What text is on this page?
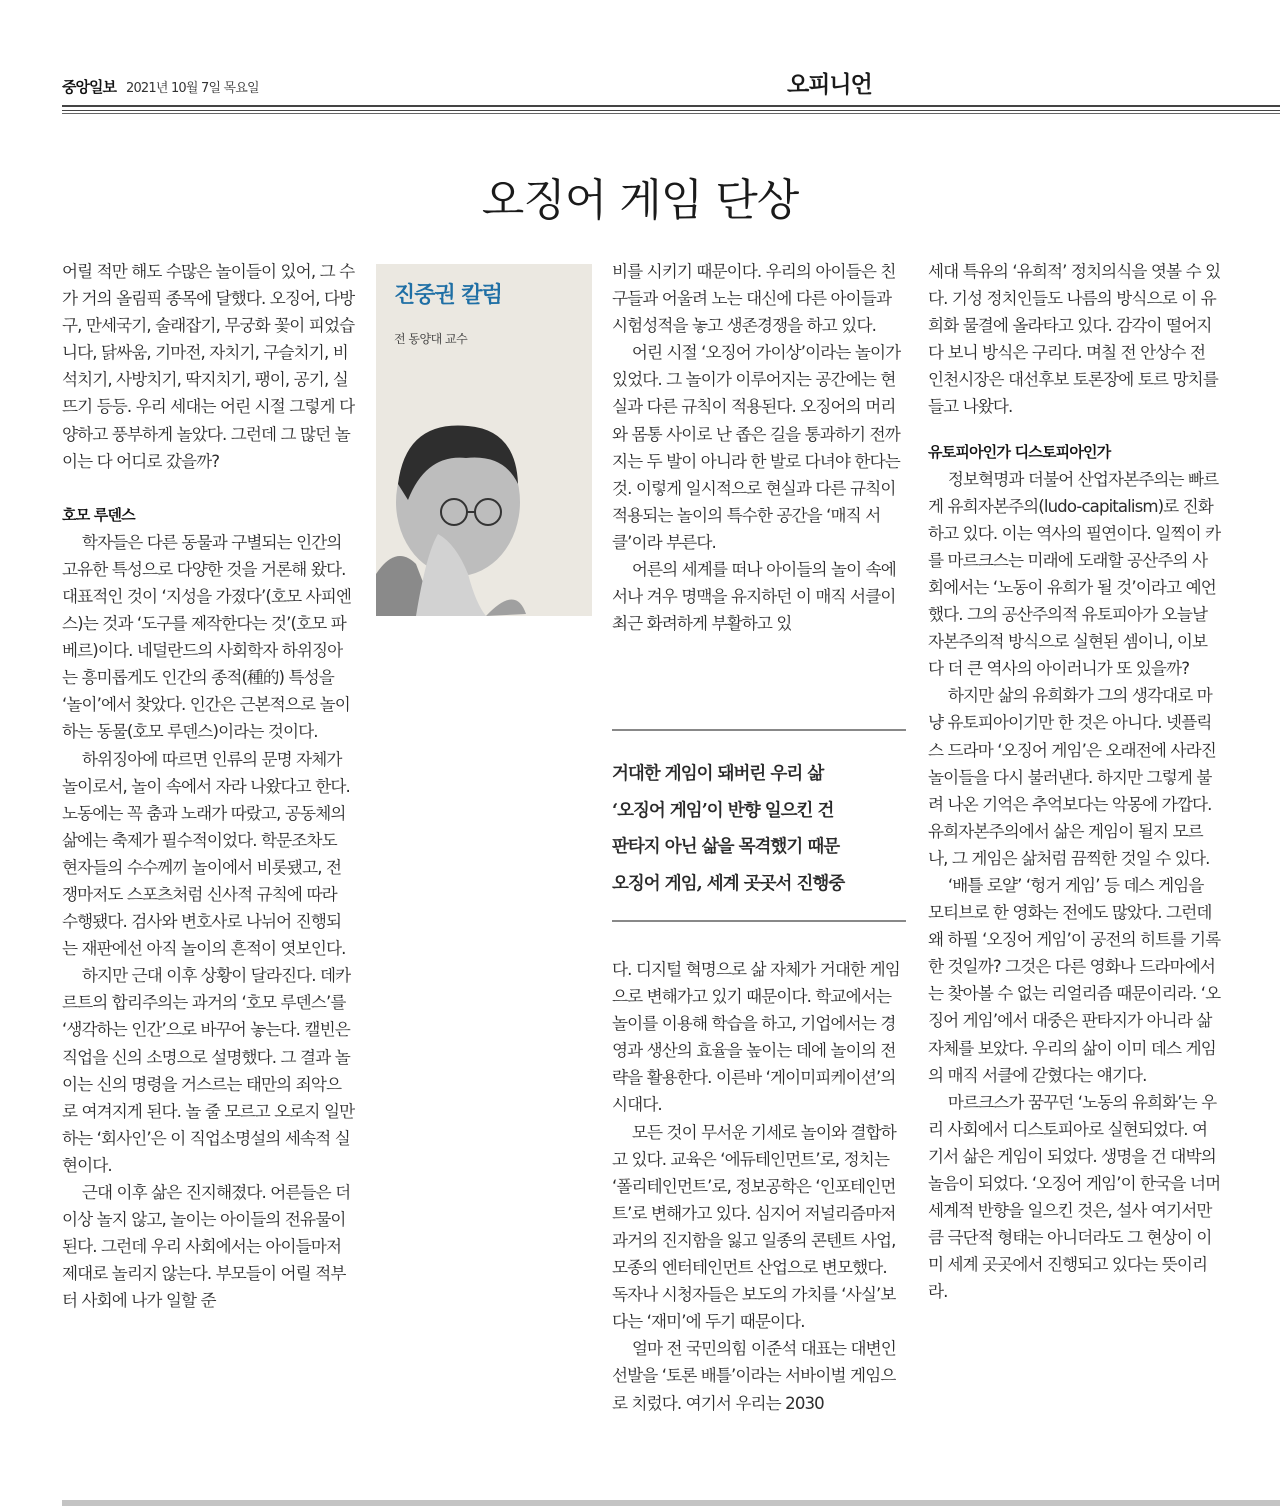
중앙일보 2021년 10월 7일 목요일	오피니언
오징어 게임 단상

어릴 적만 해도 수많은 놀이들이 있어, 그 수가 거의 올림픽 종목에 달했다. 오징어, 다방구, 만세국기, 술래잡기, 무궁화 꽃이 피었습니다, 닭싸움, 기마전, 자치기, 구슬치기, 비석치기, 사방치기, 딱지치기, 팽이, 공기, 실뜨기 등등. 우리 세대는 어린 시절 그렇게 다양하고 풍부하게 놀았다. 그런데 그 많던 놀이는 다 어디로 갔을까?

호모 루덴스

학자들은 다른 동물과 구별되는 인간의 고유한 특성으로 다양한 것을 거론해 왔다. 대표적인 것이 ‘지성을 가졌다’(호모 사피엔스)는 것과 ‘도구를 제작한다는 것’(호모 파베르)이다. 네덜란드의 사회학자 하위징아는 흥미롭게도 인간의 종적(種的) 특성을 ‘놀이’에서 찾았다. 인간은 근본적으로 놀이하는 동물(호모 루덴스)이라는 것이다.

하위징아에 따르면 인류의 문명 자체가 놀이로서, 놀이 속에서 자라 나왔다고 한다. 노동에는 꼭 춤과 노래가 따랐고, 공동체의 삶에는 축제가 필수적이었다. 학문조차도 현자들의 수수께끼 놀이에서 비롯됐고, 전쟁마저도 스포츠처럼 신사적 규칙에 따라 수행됐다. 검사와 변호사로 나뉘어 진행되는 재판에선 아직 놀이의 흔적이 엿보인다.

하지만 근대 이후 상황이 달라진다. 데카르트의 합리주의는 과거의 ‘호모 루덴스’를 ‘생각하는 인간’으로 바꾸어 놓는다. 캘빈은 직업을 신의 소명으로 설명했다. 그 결과 놀이는 신의 명령을 거스르는 태만의 죄악으로 여겨지게 된다. 놀 줄 모르고 오로지 일만 하는 ‘회사인’은 이 직업소명설의 세속적 실현이다.

근대 이후 삶은 진지해졌다. 어른들은 더 이상 놀지 않고, 놀이는 아이들의 전유물이 된다. 그런데 우리 사회에서는 아이들마저 제대로 놀리지 않는다. 부모들이 어릴 적부터 사회에 나가 일할 준

진중권 칼럼
전 동양대 교수

비를 시키기 때문이다. 우리의 아이들은 친구들과 어울려 노는 대신에 다른 아이들과 시험성적을 놓고 생존경쟁을 하고 있다.

어린 시절 ‘오징어 가이상’이라는 놀이가 있었다. 그 놀이가 이루어지는 공간에는 현실과 다른 규칙이 적용된다. 오징어의 머리와 몸통 사이로 난 좁은 길을 통과하기 전까지는 두 발이 아니라 한 발로 다녀야 한다는 것. 이렇게 일시적으로 현실과 다른 규칙이 적용되는 놀이의 특수한 공간을 ‘매직 서클’이라 부른다.

어른의 세계를 떠나 아이들의 놀이 속에서나 겨우 명맥을 유지하던 이 매직 서클이 최근 화려하게 부활하고 있

거대한 게임이 돼버린 우리 삶
‘오징어 게임’이 반향 일으킨 건
판타지 아닌 삶을 목격했기 때문
오징어 게임, 세계 곳곳서 진행중

다. 디지털 혁명으로 삶 자체가 거대한 게임으로 변해가고 있기 때문이다. 학교에서는 놀이를 이용해 학습을 하고, 기업에서는 경영과 생산의 효율을 높이는 데에 놀이의 전략을 활용한다. 이른바 ‘게이미피케이션’의 시대다.

모든 것이 무서운 기세로 놀이와 결합하고 있다. 교육은 ‘에듀테인먼트’로, 정치는 ‘폴리테인먼트’로, 정보공학은 ‘인포테인먼트’로 변해가고 있다. 심지어 저널리즘마저 과거의 진지함을 잃고 일종의 콘텐트 사업, 모종의 엔터테인먼트 산업으로 변모했다. 독자나 시청자들은 보도의 가치를 ‘사실’보다는 ‘재미’에 두기 때문이다.

얼마 전 국민의힘 이준석 대표는 대변인 선발을 ‘토론 배틀’이라는 서바이벌 게임으로 치렀다. 여기서 우리는 2030

세대 특유의 ‘유희적’ 정치의식을 엿볼 수 있다. 기성 정치인들도 나름의 방식으로 이 유희화 물결에 올라타고 있다. 감각이 떨어지다 보니 방식은 구리다. 며칠 전 안상수 전 인천시장은 대선후보 토론장에 토르 망치를 들고 나왔다.

유토피아인가 디스토피아인가

정보혁명과 더불어 산업자본주의는 빠르게 유희자본주의(ludo-capitalism)로 진화하고 있다. 이는 역사의 필연이다. 일찍이 카를 마르크스는 미래에 도래할 공산주의 사회에서는 ‘노동이 유희가 될 것’이라고 예언했다. 그의 공산주의적 유토피아가 오늘날 자본주의적 방식으로 실현된 셈이니, 이보다 더 큰 역사의 아이러니가 또 있을까?

하지만 삶의 유희화가 그의 생각대로 마냥 유토피아이기만 한 것은 아니다. 넷플릭스 드라마 ‘오징어 게임’은 오래전에 사라진 놀이들을 다시 불러낸다. 하지만 그렇게 불려 나온 기억은 추억보다는 악몽에 가깝다. 유희자본주의에서 삶은 게임이 될지 모르나, 그 게임은 삶처럼 끔찍한 것일 수 있다.

‘배틀 로얄’ ‘헝거 게임’ 등 데스 게임을 모티브로 한 영화는 전에도 많았다. 그런데 왜 하필 ‘오징어 게임’이 공전의 히트를 기록한 것일까? 그것은 다른 영화나 드라마에서는 찾아볼 수 없는 리얼리즘 때문이리라. ‘오징어 게임’에서 대중은 판타지가 아니라 삶 자체를 보았다. 우리의 삶이 이미 데스 게임의 매직 서클에 갇혔다는 얘기다.

마르크스가 꿈꾸던 ‘노동의 유희화’는 우리 사회에서 디스토피아로 실현되었다. 여기서 삶은 게임이 되었다. 생명을 건 대박의 놀음이 되었다. ‘오징어 게임’이 한국을 너머 세계적 반향을 일으킨 것은, 설사 여기서만큼 극단적 형태는 아니더라도 그 현상이 이미 세계 곳곳에서 진행되고 있다는 뜻이리라.
